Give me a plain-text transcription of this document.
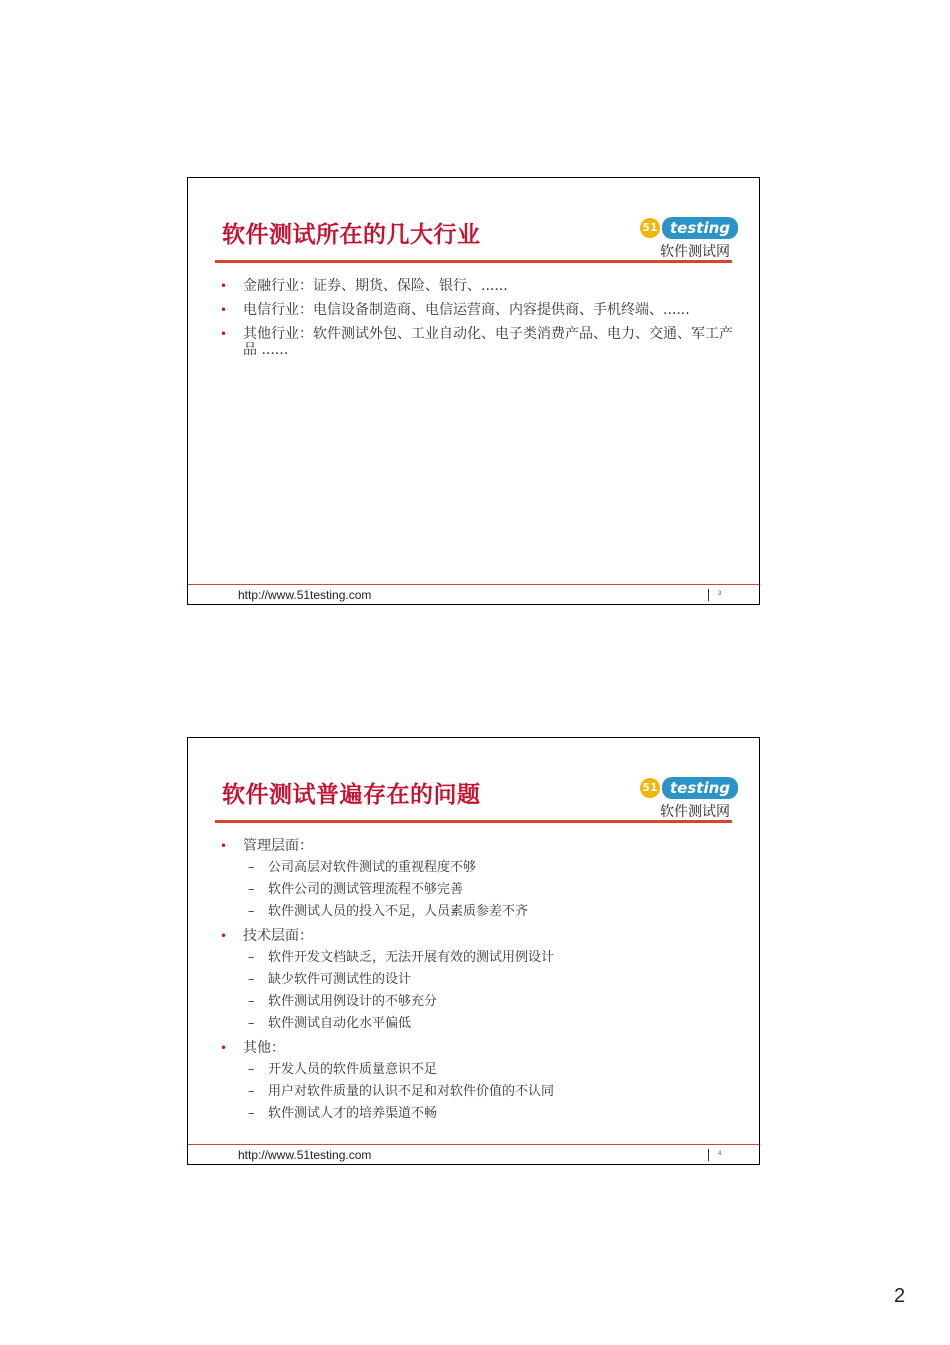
软件测试所在的几大行业	51 testing
软件测试网
• 金融行业：证券、期货、保险、银行、......
• 电信行业：电信设备制造商、电信运营商、内容提供商、手机终端、......
• 其他行业：软件测试外包、工业自动化、电子类消费产品、电力、交通、军工产品 ......
http://www.51testing.com	3
软件测试普遍存在的问题	51 testing
软件测试网
• 管理层面：
– 公司高层对软件测试的重视程度不够
– 软件公司的测试管理流程不够完善
– 软件测试人员的投入不足，人员素质参差不齐
• 技术层面：
– 软件开发文档缺乏，无法开展有效的测试用例设计
– 缺少软件可测试性的设计
– 软件测试用例设计的不够充分
– 软件测试自动化水平偏低
• 其他：
– 开发人员的软件质量意识不足
– 用户对软件质量的认识不足和对软件价值的不认同
– 软件测试人才的培养渠道不畅
http://www.51testing.com	4
2
